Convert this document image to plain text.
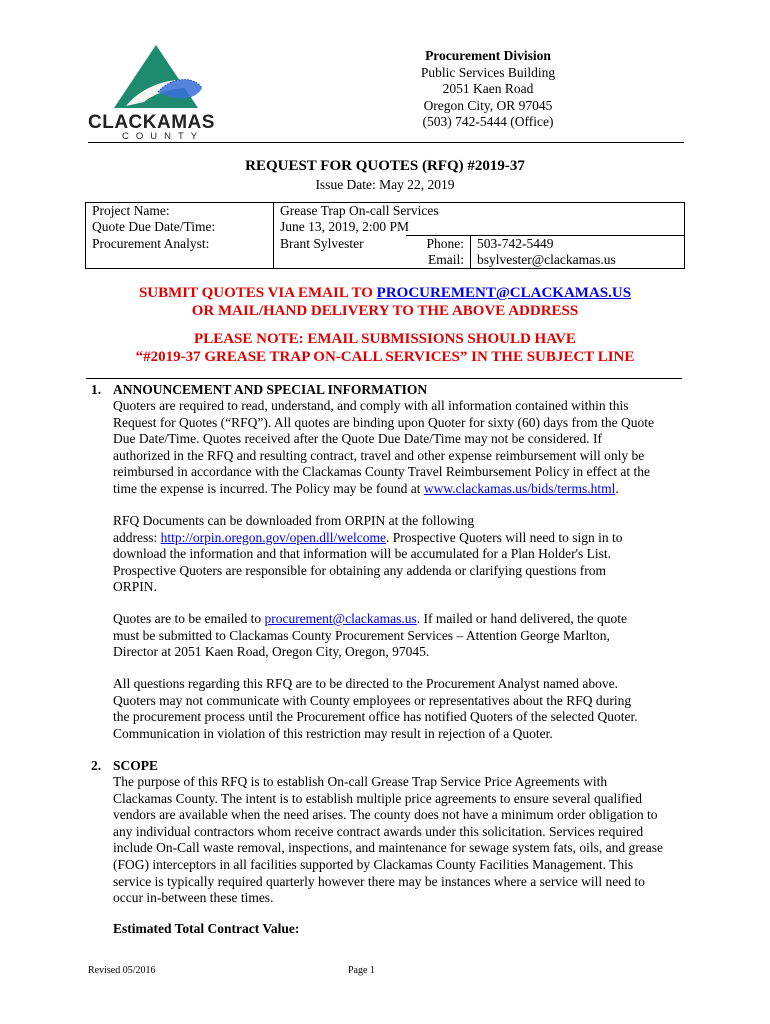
CLACKAMAS
COUNTY
Procurement Division
Public Services Building
2051 Kaen Road
Oregon City, OR 97045
(503) 742-5444 (Office)
REQUEST FOR QUOTES (RFQ) #2019-37
Issue Date: May 22, 2019
Project Name:	Grease Trap On-call Services		
Quote Due Date/Time:	June 13, 2019, 2:00 PM		
Procurement Analyst:	Brant Sylvester	Phone:	503-742-5449
		Email:	bsylvester@clackamas.us
SUBMIT QUOTES VIA EMAIL TO PROCUREMENT@CLACKAMAS.US
OR MAIL/HAND DELIVERY TO THE ABOVE ADDRESS
PLEASE NOTE: EMAIL SUBMISSIONS SHOULD HAVE
“#2019-37 GREASE TRAP ON-CALL SERVICES” IN THE SUBJECT LINE
1. ANNOUNCEMENT AND SPECIAL INFORMATION
Quoters are required to read, understand, and comply with all information contained within this
Request for Quotes (“RFQ”). All quotes are binding upon Quoter for sixty (60) days from the Quote
Due Date/Time. Quotes received after the Quote Due Date/Time may not be considered. If
authorized in the RFQ and resulting contract, travel and other expense reimbursement will only be
reimbursed in accordance with the Clackamas County Travel Reimbursement Policy in effect at the
time the expense is incurred. The Policy may be found at www.clackamas.us/bids/terms.html.
RFQ Documents can be downloaded from ORPIN at the following
address: http://orpin.oregon.gov/open.dll/welcome. Prospective Quoters will need to sign in to
download the information and that information will be accumulated for a Plan Holder's List.
Prospective Quoters are responsible for obtaining any addenda or clarifying questions from
ORPIN.
Quotes are to be emailed to procurement@clackamas.us. If mailed or hand delivered, the quote
must be submitted to Clackamas County Procurement Services – Attention George Marlton,
Director at 2051 Kaen Road, Oregon City, Oregon, 97045.
All questions regarding this RFQ are to be directed to the Procurement Analyst named above.
Quoters may not communicate with County employees or representatives about the RFQ during
the procurement process until the Procurement office has notified Quoters of the selected Quoter.
Communication in violation of this restriction may result in rejection of a Quoter.
2. SCOPE
The purpose of this RFQ is to establish On-call Grease Trap Service Price Agreements with
Clackamas County. The intent is to establish multiple price agreements to ensure several qualified
vendors are available when the need arises. The county does not have a minimum order obligation to
any individual contractors whom receive contract awards under this solicitation. Services required
include On-Call waste removal, inspections, and maintenance for sewage system fats, oils, and grease
(FOG) interceptors in all facilities supported by Clackamas County Facilities Management. This
service is typically required quarterly however there may be instances where a service will need to
occur in-between these times.
Estimated Total Contract Value:
Revised 05/2016	Page 1
